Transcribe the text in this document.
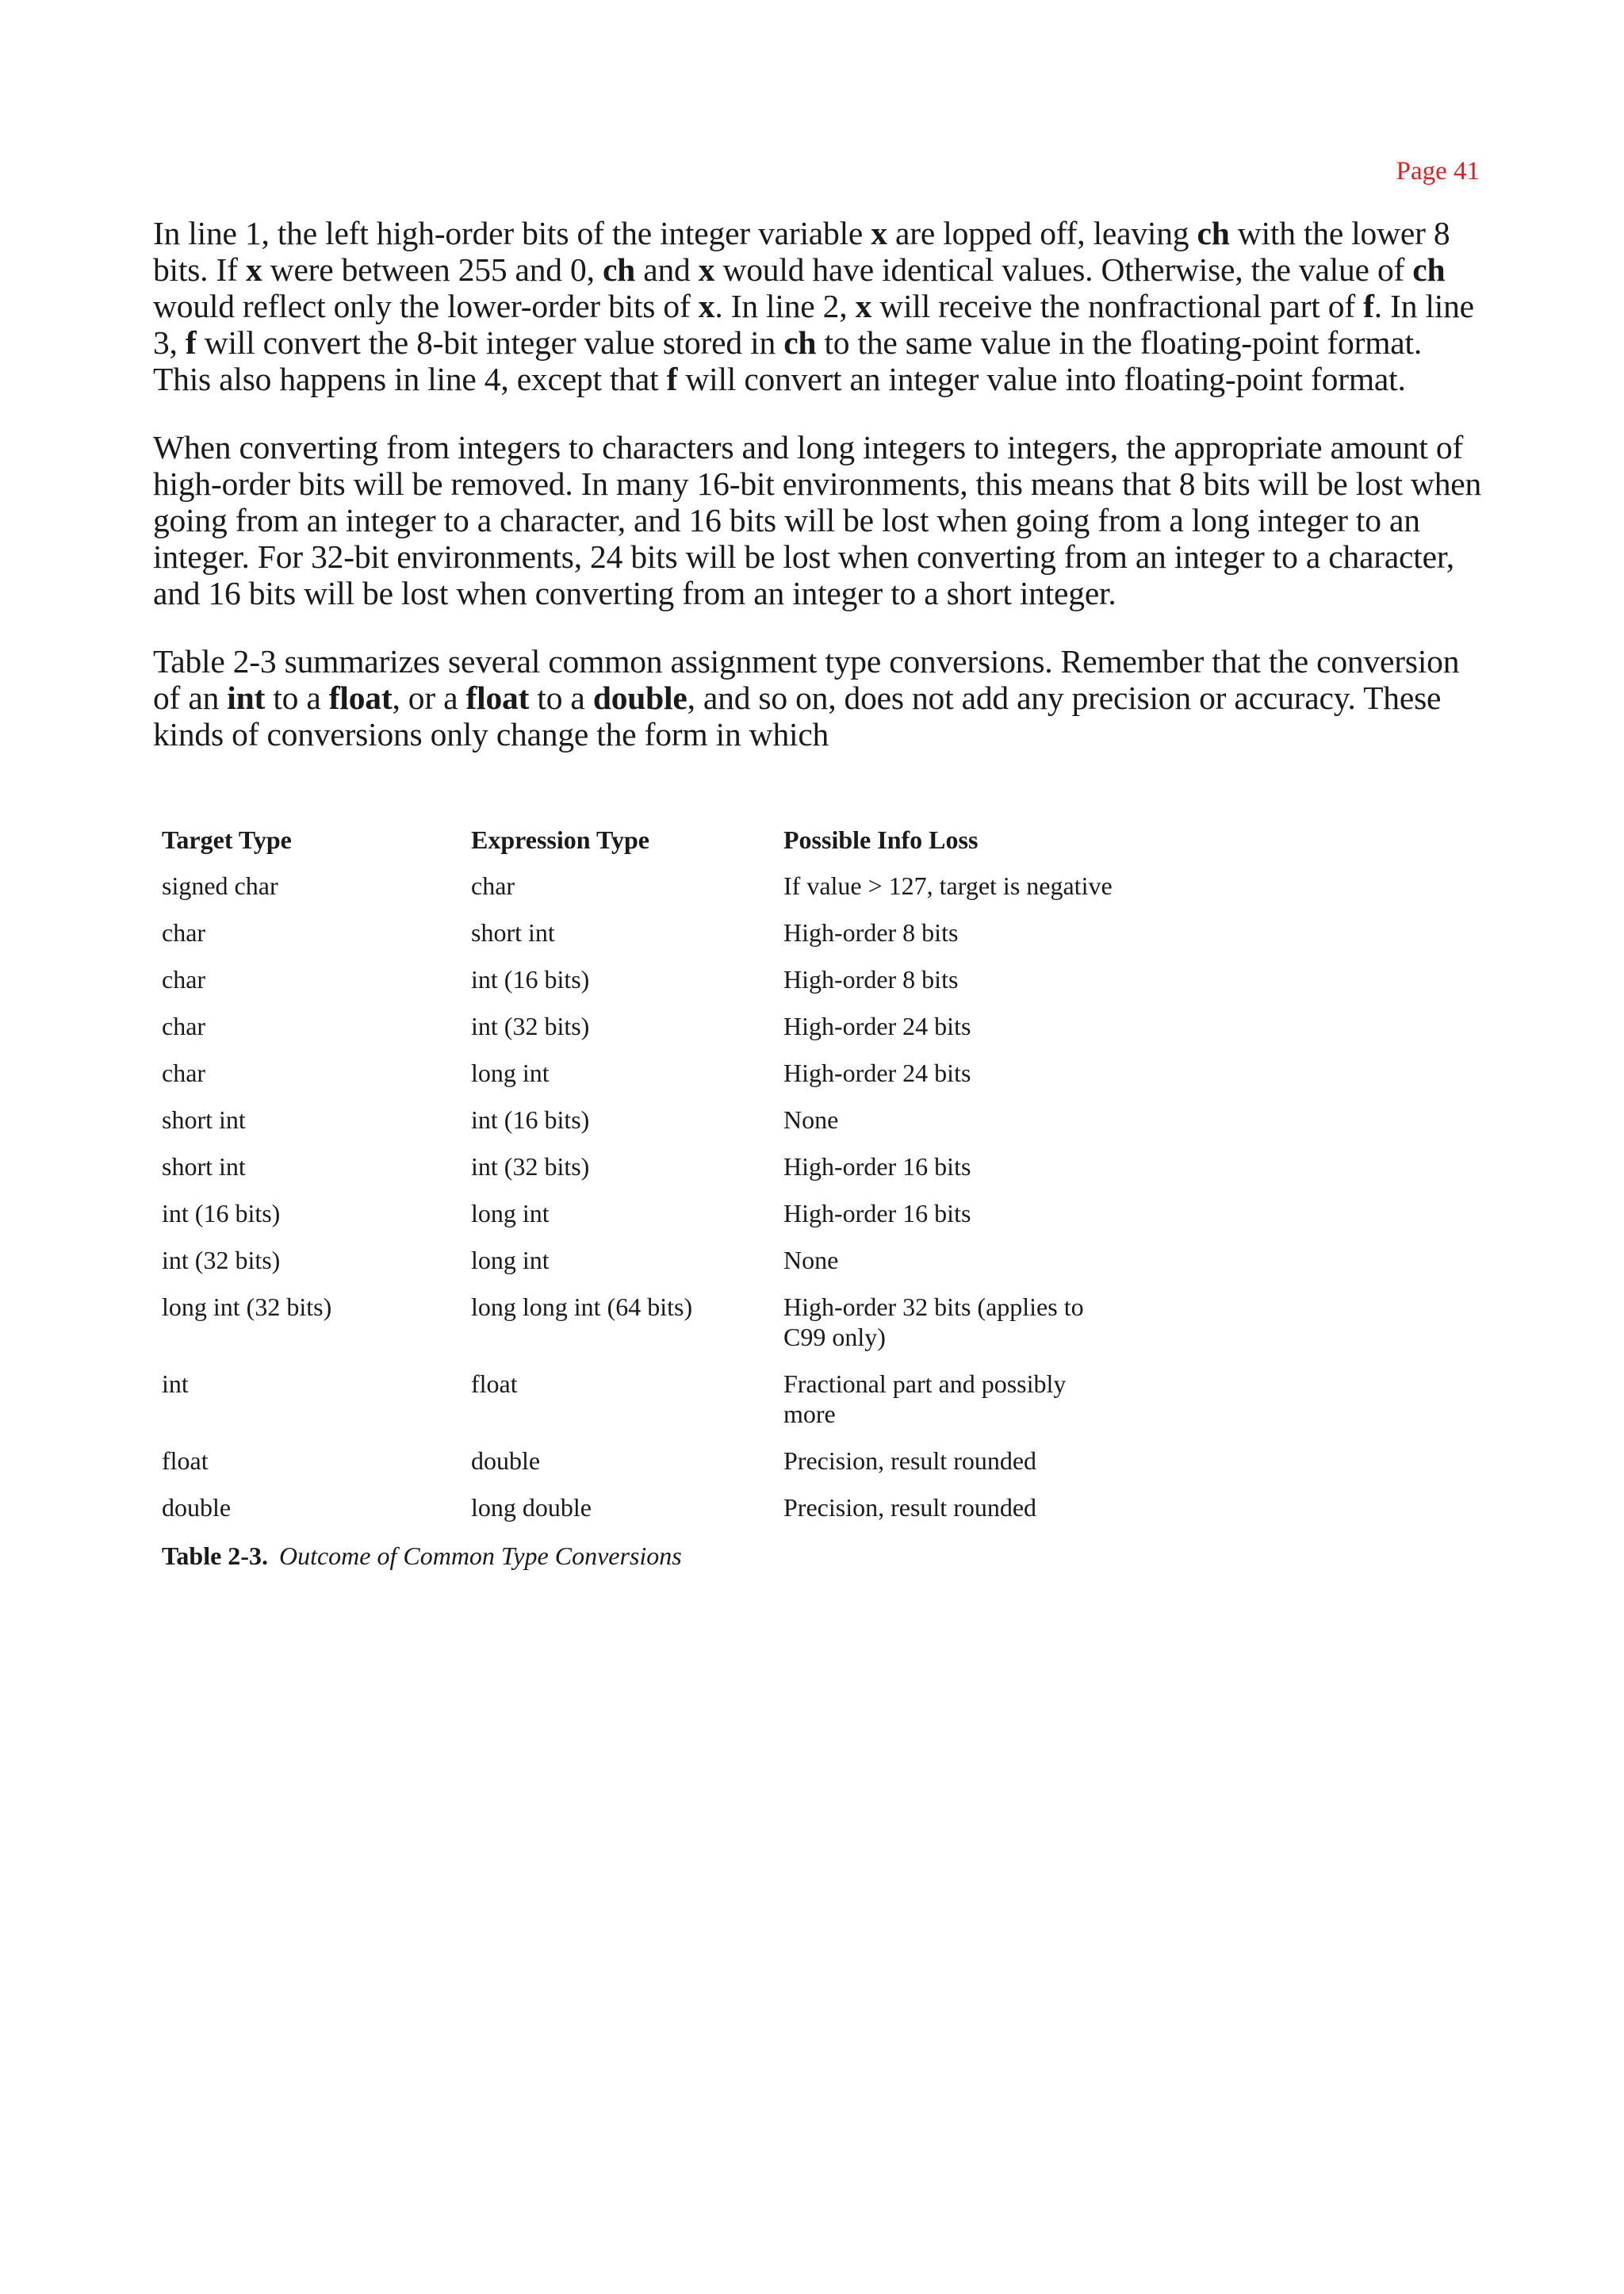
Page 41

In line 1, the left high-order bits of the integer variable x are lopped off, leaving ch with the lower 8 bits. If x were between 255 and 0, ch and x would have identical values. Otherwise, the value of ch would reflect only the lower-order bits of x. In line 2, x will receive the nonfractional part of f. In line 3, f will convert the 8-bit integer value stored in ch to the same value in the floating-point format. This also happens in line 4, except that f will convert an integer value into floating-point format.

When converting from integers to characters and long integers to integers, the appropriate amount of high-order bits will be removed. In many 16-bit environments, this means that 8 bits will be lost when going from an integer to a character, and 16 bits will be lost when going from a long integer to an integer. For 32-bit environments, 24 bits will be lost when converting from an integer to a character, and 16 bits will be lost when converting from an integer to a short integer.

Table 2-3 summarizes several common assignment type conversions. Remember that the conversion of an int to a float, or a float to a double, and so on, does not add any precision or accuracy. These kinds of conversions only change the form in which

Target Type	Expression Type	Possible Info Loss
signed char	char	If value > 127, target is negative
char	short int	High-order 8 bits
char	int (16 bits)	High-order 8 bits
char	int (32 bits)	High-order 24 bits
char	long int	High-order 24 bits
short int	int (16 bits)	None
short int	int (32 bits)	High-order 16 bits
int (16 bits)	long int	High-order 16 bits
int (32 bits)	long int	None
long int (32 bits)	long long int (64 bits)	High-order 32 bits (applies to C99 only)
int	float	Fractional part and possibly more
float	double	Precision, result rounded
double	long double	Precision, result rounded
Table 2-3. Outcome of Common Type Conversions
